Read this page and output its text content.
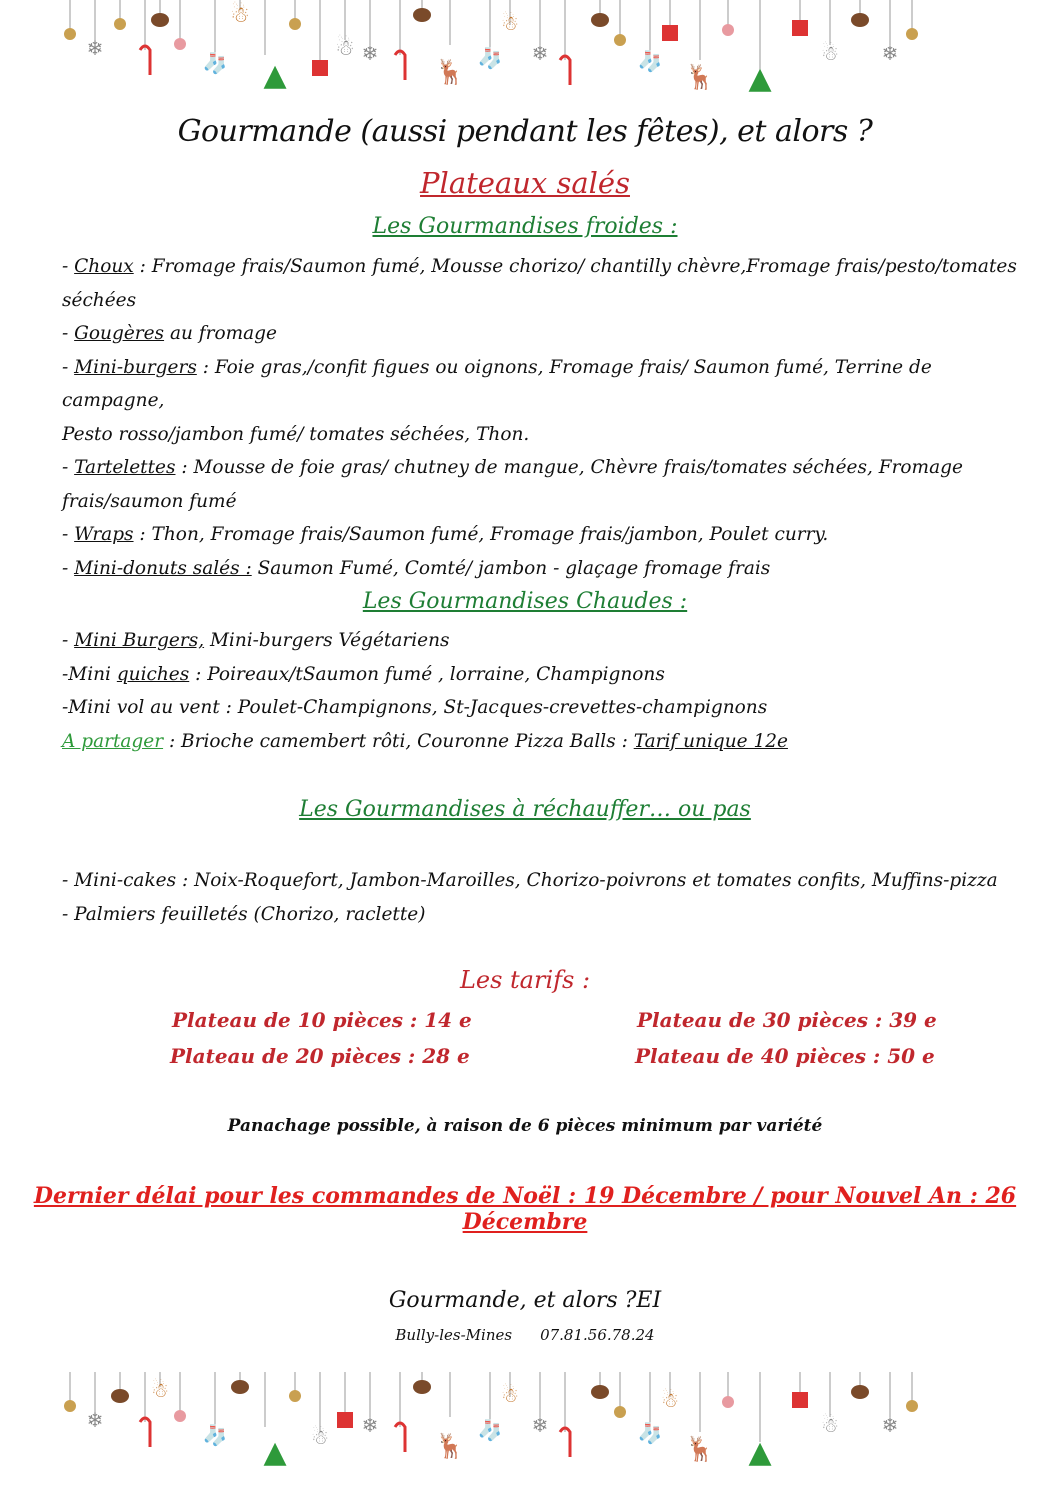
❄
🧦
☃
▲
☃ ❄
🦌 🧦
☃
❄	🧦
🦌 ▲
☃ ❄
Gourmande (aussi pendant les fêtes), et alors ?
Plateaux salés
Les Gourmandises froides :
- Choux : Fromage frais/Saumon fumé, Mousse chorizo/ chantilly chèvre,Fromage frais/pesto/tomates
séchées
- Gougères au fromage
- Mini-burgers : Foie gras,/confit figues ou oignons, Fromage frais/ Saumon fumé, Terrine de campagne,
Pesto rosso/jambon fumé/ tomates séchées, Thon.
- Tartelettes : Mousse de foie gras/ chutney de mangue, Chèvre frais/tomates séchées, Fromage
frais/saumon fumé
- Wraps : Thon, Fromage frais/Saumon fumé, Fromage frais/jambon, Poulet curry.
- Mini-donuts salés : Saumon Fumé, Comté/ jambon - glaçage fromage frais
Les Gourmandises Chaudes :
- Mini Burgers, Mini-burgers Végétariens
-Mini quiches : Poireaux/tSaumon fumé , lorraine, Champignons
-Mini vol au vent : Poulet-Champignons, St-Jacques-crevettes-champignons
A partager : Brioche camembert rôti, Couronne Pizza Balls : Tarif unique 12e
Les Gourmandises à réchauffer… ou pas
- Mini-cakes : Noix-Roquefort, Jambon-Maroilles, Chorizo-poivrons et tomates confits, Muffins-pizza
- Palmiers feuilletés (Chorizo, raclette)
Les tarifs :
Plateau de 10 pièces : 14 e
Plateau de 20 pièces : 28 e
Plateau de 30 pièces : 39 e
Plateau de 40 pièces : 50 e
Panachage possible, à raison de 6 pièces minimum par variété
Dernier délai pour les commandes de Noël : 19 Décembre / pour Nouvel An : 26 Décembre
Gourmande, et alors ?EI
Bully-les-Mines 07.81.56.78.24
❄
☃
🧦 ▲ ☃ ❄
🦌
🧦
☃
❄	🧦
☃
🦌 ▲
☃ ❄
